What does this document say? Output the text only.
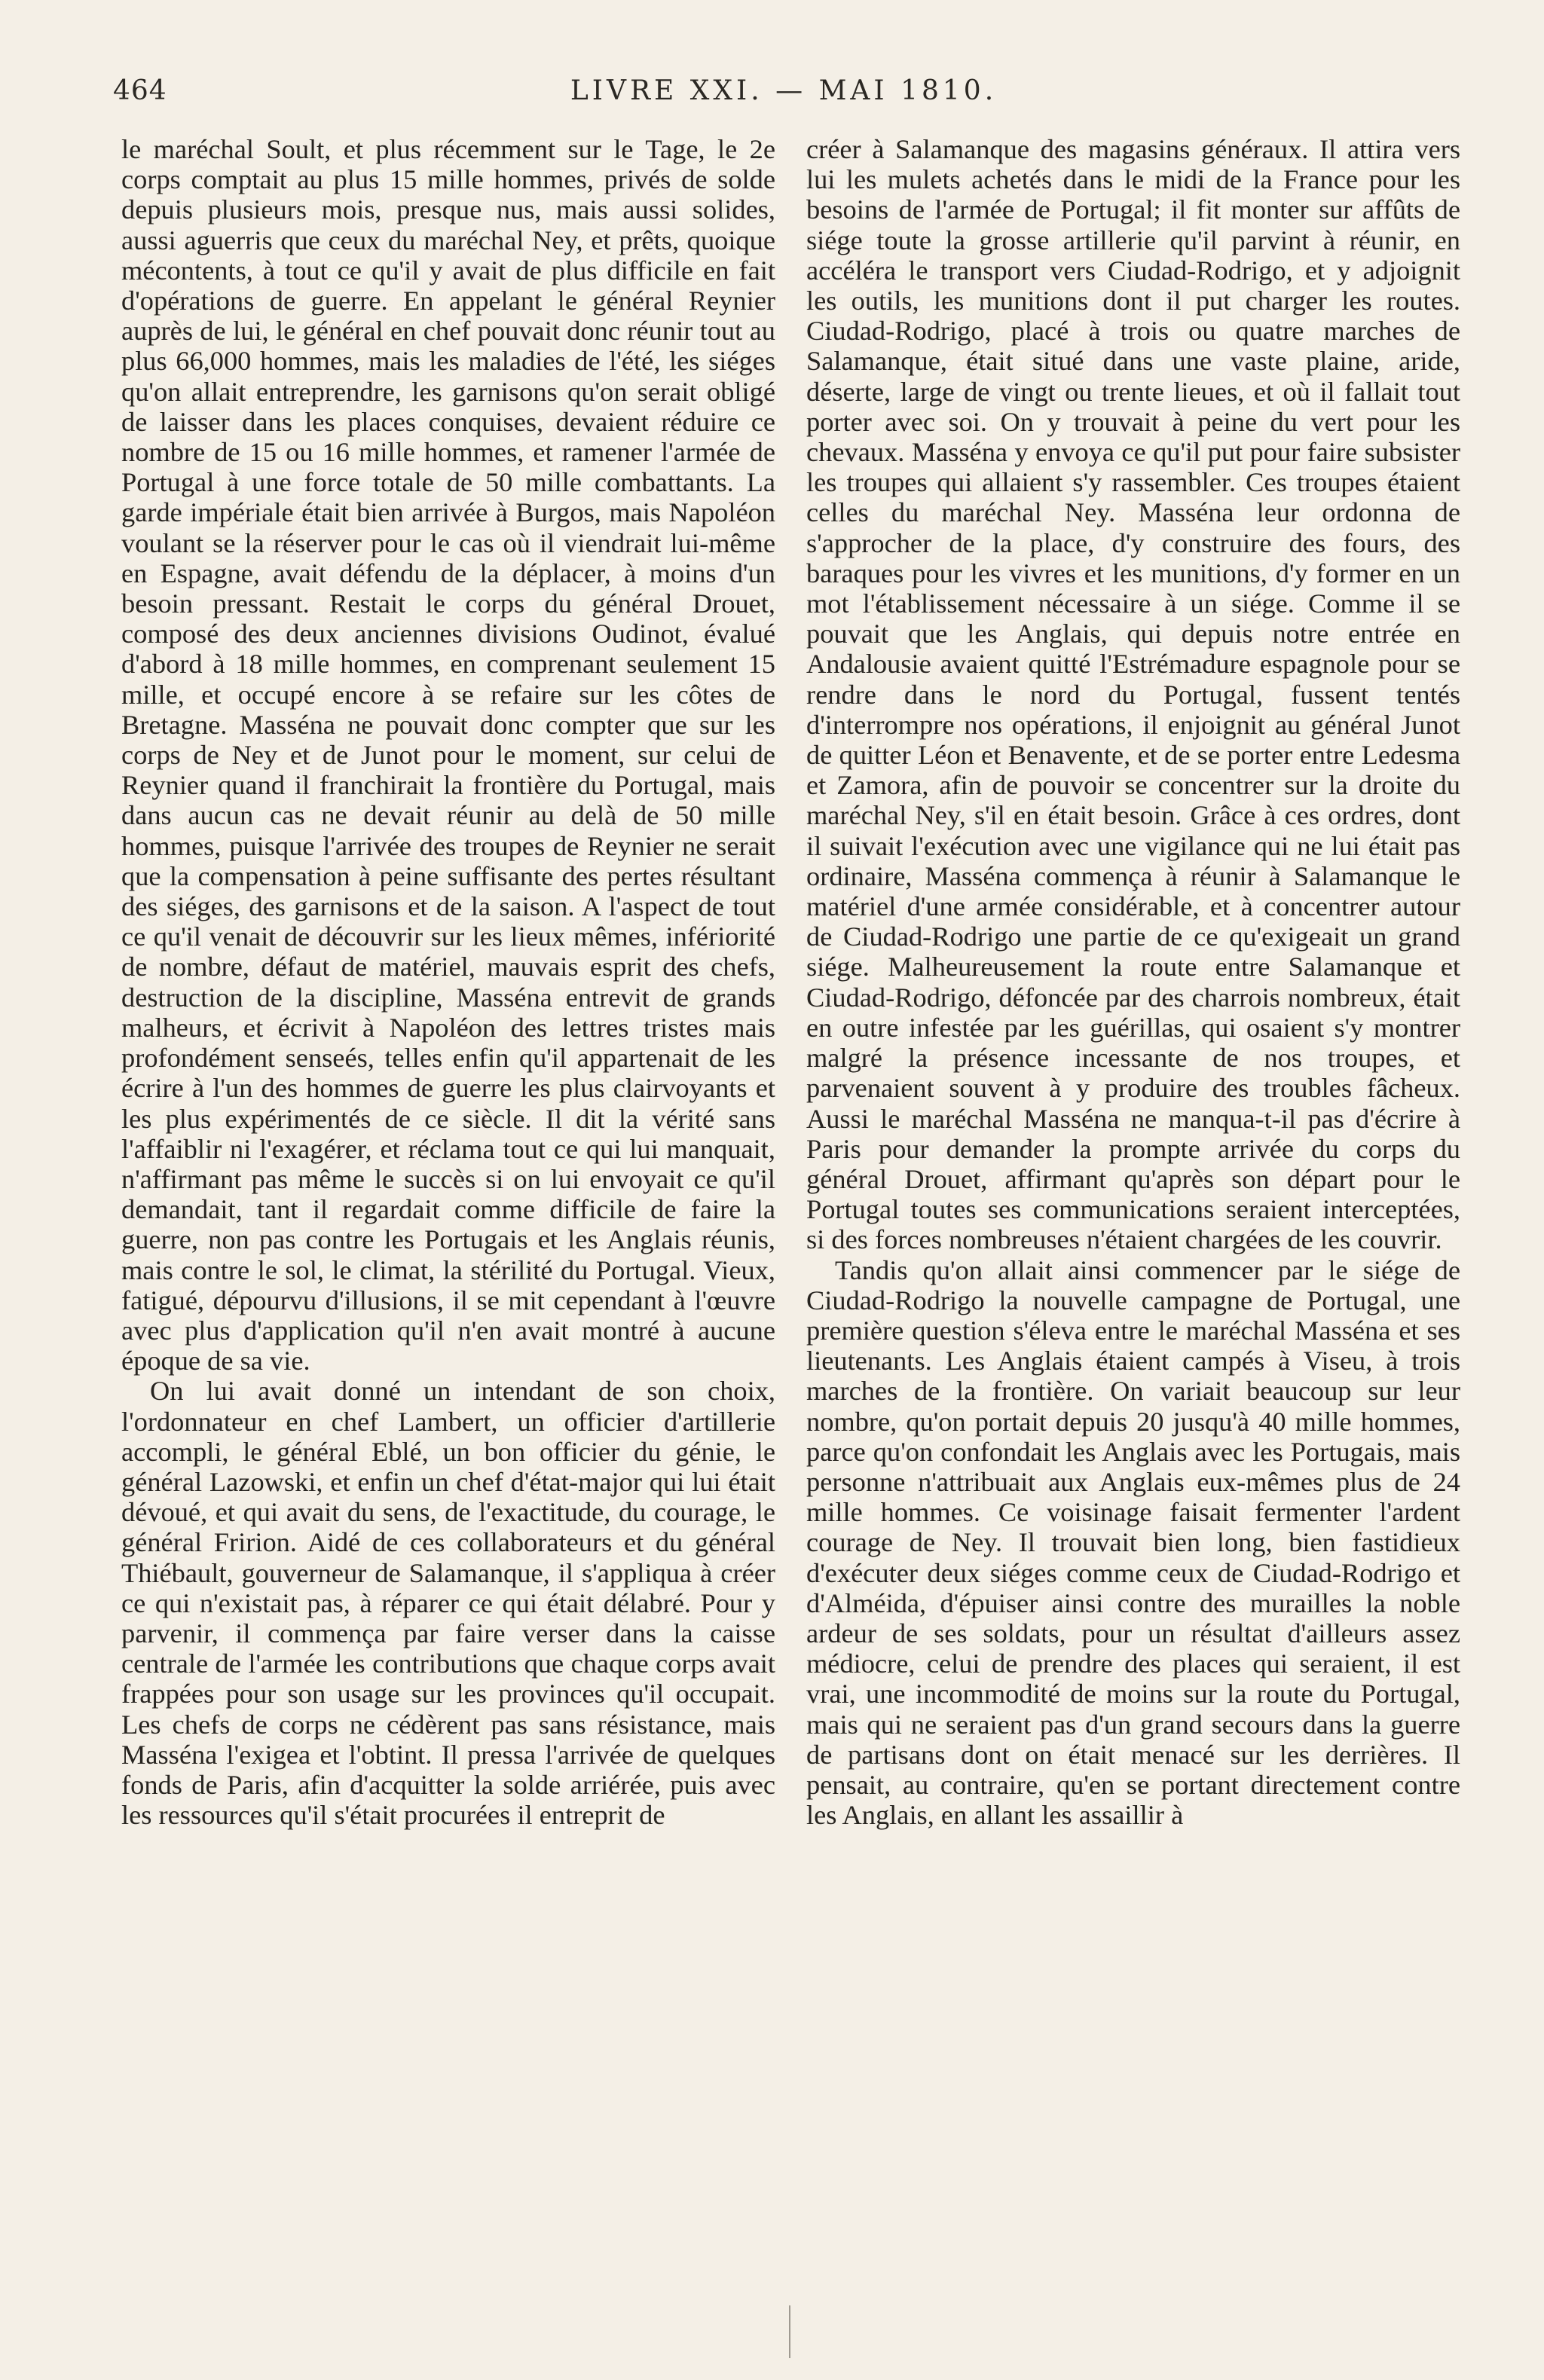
464	LIVRE XXI. — MAI 1810.

le maréchal Soult, et plus récemment sur le Tage, le 2e corps comptait au plus 15 mille hommes, privés de solde depuis plusieurs mois, presque nus, mais aussi solides, aussi aguerris que ceux du maréchal Ney, et prêts, quoique mécontents, à tout ce qu'il y avait de plus difficile en fait d'opérations de guerre. En appelant le général Reynier auprès de lui, le général en chef pouvait donc réunir tout au plus 66,000 hommes, mais les maladies de l'été, les siéges qu'on allait entreprendre, les garnisons qu'on serait obligé de laisser dans les places conquises, devaient réduire ce nombre de 15 ou 16 mille hommes, et ramener l'armée de Portugal à une force totale de 50 mille combattants. La garde impériale était bien arrivée à Burgos, mais Napoléon voulant se la réserver pour le cas où il viendrait lui-même en Espagne, avait défendu de la déplacer, à moins d'un besoin pressant. Restait le corps du général Drouet, composé des deux anciennes divisions Oudinot, évalué d'abord à 18 mille hommes, en comprenant seulement 15 mille, et occupé encore à se refaire sur les côtes de Bretagne. Masséna ne pouvait donc compter que sur les corps de Ney et de Junot pour le moment, sur celui de Reynier quand il franchirait la frontière du Portugal, mais dans aucun cas ne devait réunir au delà de 50 mille hommes, puisque l'arrivée des troupes de Reynier ne serait que la compensation à peine suffisante des pertes résultant des siéges, des garnisons et de la saison. A l'aspect de tout ce qu'il venait de découvrir sur les lieux mêmes, infériorité de nombre, défaut de matériel, mauvais esprit des chefs, destruction de la discipline, Masséna entrevit de grands malheurs, et écrivit à Napoléon des lettres tristes mais profondément senseés, telles enfin qu'il appartenait de les écrire à l'un des hommes de guerre les plus clairvoyants et les plus expérimentés de ce siècle. Il dit la vérité sans l'affaiblir ni l'exagérer, et réclama tout ce qui lui manquait, n'affirmant pas même le succès si on lui envoyait ce qu'il demandait, tant il regardait comme difficile de faire la guerre, non pas contre les Portugais et les Anglais réunis, mais contre le sol, le climat, la stérilité du Portugal. Vieux, fatigué, dépourvu d'illusions, il se mit cependant à l'œuvre avec plus d'application qu'il n'en avait montré à aucune époque de sa vie.

On lui avait donné un intendant de son choix, l'ordonnateur en chef Lambert, un officier d'artillerie accompli, le général Eblé, un bon officier du génie, le général Lazowski, et enfin un chef d'état-major qui lui était dévoué, et qui avait du sens, de l'exactitude, du courage, le général Fririon. Aidé de ces collaborateurs et du général Thiébault, gouverneur de Salamanque, il s'appliqua à créer ce qui n'existait pas, à réparer ce qui était délabré. Pour y parvenir, il commença par faire verser dans la caisse centrale de l'armée les contributions que chaque corps avait frappées pour son usage sur les provinces qu'il occupait. Les chefs de corps ne cédèrent pas sans résistance, mais Masséna l'exigea et l'obtint. Il pressa l'arrivée de quelques fonds de Paris, afin d'acquitter la solde arriérée, puis avec les ressources qu'il s'était procurées il entreprit de

créer à Salamanque des magasins généraux. Il attira vers lui les mulets achetés dans le midi de la France pour les besoins de l'armée de Portugal; il fit monter sur affûts de siége toute la grosse artillerie qu'il parvint à réunir, en accéléra le transport vers Ciudad-Rodrigo, et y adjoignit les outils, les munitions dont il put charger les routes. Ciudad-Rodrigo, placé à trois ou quatre marches de Salamanque, était situé dans une vaste plaine, aride, déserte, large de vingt ou trente lieues, et où il fallait tout porter avec soi. On y trouvait à peine du vert pour les chevaux. Masséna y envoya ce qu'il put pour faire subsister les troupes qui allaient s'y rassembler. Ces troupes étaient celles du maréchal Ney. Masséna leur ordonna de s'approcher de la place, d'y construire des fours, des baraques pour les vivres et les munitions, d'y former en un mot l'établissement nécessaire à un siége. Comme il se pouvait que les Anglais, qui depuis notre entrée en Andalousie avaient quitté l'Estrémadure espagnole pour se rendre dans le nord du Portugal, fussent tentés d'interrompre nos opérations, il enjoignit au général Junot de quitter Léon et Benavente, et de se porter entre Ledesma et Zamora, afin de pouvoir se concentrer sur la droite du maréchal Ney, s'il en était besoin. Grâce à ces ordres, dont il suivait l'exécution avec une vigilance qui ne lui était pas ordinaire, Masséna commença à réunir à Salamanque le matériel d'une armée considérable, et à concentrer autour de Ciudad-Rodrigo une partie de ce qu'exigeait un grand siége. Malheureusement la route entre Salamanque et Ciudad-Rodrigo, défoncée par des charrois nombreux, était en outre infestée par les guérillas, qui osaient s'y montrer malgré la présence incessante de nos troupes, et parvenaient souvent à y produire des troubles fâcheux. Aussi le maréchal Masséna ne manqua-t-il pas d'écrire à Paris pour demander la prompte arrivée du corps du général Drouet, affirmant qu'après son départ pour le Portugal toutes ses communications seraient interceptées, si des forces nombreuses n'étaient chargées de les couvrir.

Tandis qu'on allait ainsi commencer par le siége de Ciudad-Rodrigo la nouvelle campagne de Portugal, une première question s'éleva entre le maréchal Masséna et ses lieutenants. Les Anglais étaient campés à Viseu, à trois marches de la frontière. On variait beaucoup sur leur nombre, qu'on portait depuis 20 jusqu'à 40 mille hommes, parce qu'on confondait les Anglais avec les Portugais, mais personne n'attribuait aux Anglais eux-mêmes plus de 24 mille hommes. Ce voisinage faisait fermenter l'ardent courage de Ney. Il trouvait bien long, bien fastidieux d'exécuter deux siéges comme ceux de Ciudad-Rodrigo et d'Alméida, d'épuiser ainsi contre des murailles la noble ardeur de ses soldats, pour un résultat d'ailleurs assez médiocre, celui de prendre des places qui seraient, il est vrai, une incommodité de moins sur la route du Portugal, mais qui ne seraient pas d'un grand secours dans la guerre de partisans dont on était menacé sur les derrières. Il pensait, au contraire, qu'en se portant directement contre les Anglais, en allant les assaillir à
